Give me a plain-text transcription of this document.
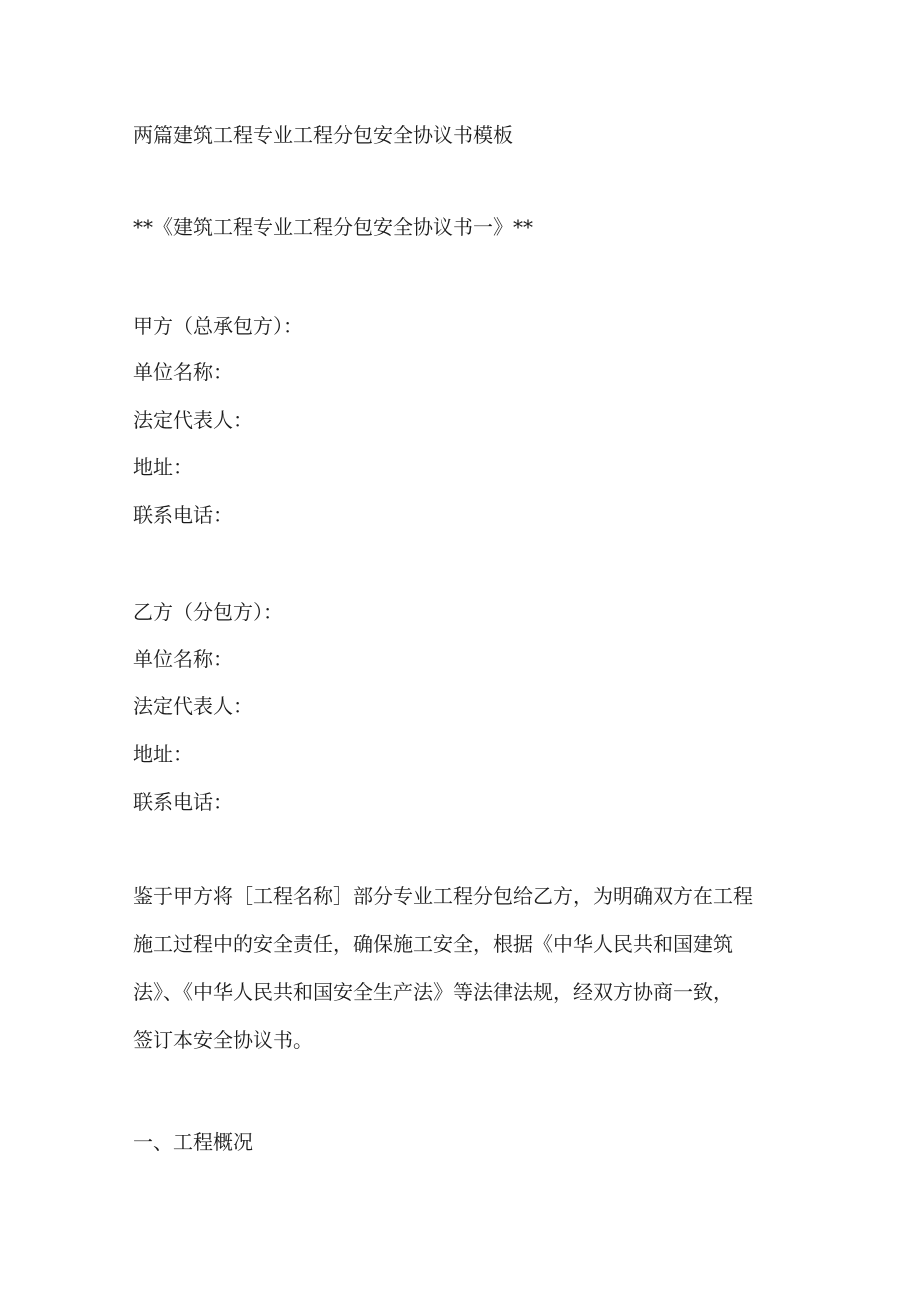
两篇建筑工程专业工程分包安全协议书模板

**《建筑工程专业工程分包安全协议书一》**

甲方（总承包方）：

单位名称：

法定代表人：

地址：

联系电话：

乙方（分包方）：

单位名称：

法定代表人：

地址：

联系电话：

鉴于甲方将［工程名称］部分专业工程分包给乙方，为明确双方在工程
施工过程中的安全责任，确保施工安全，根据《中华人民共和国建筑
法》、《中华人民共和国安全生产法》等法律法规，经双方协商一致，
签订本安全协议书。

一、工程概况
